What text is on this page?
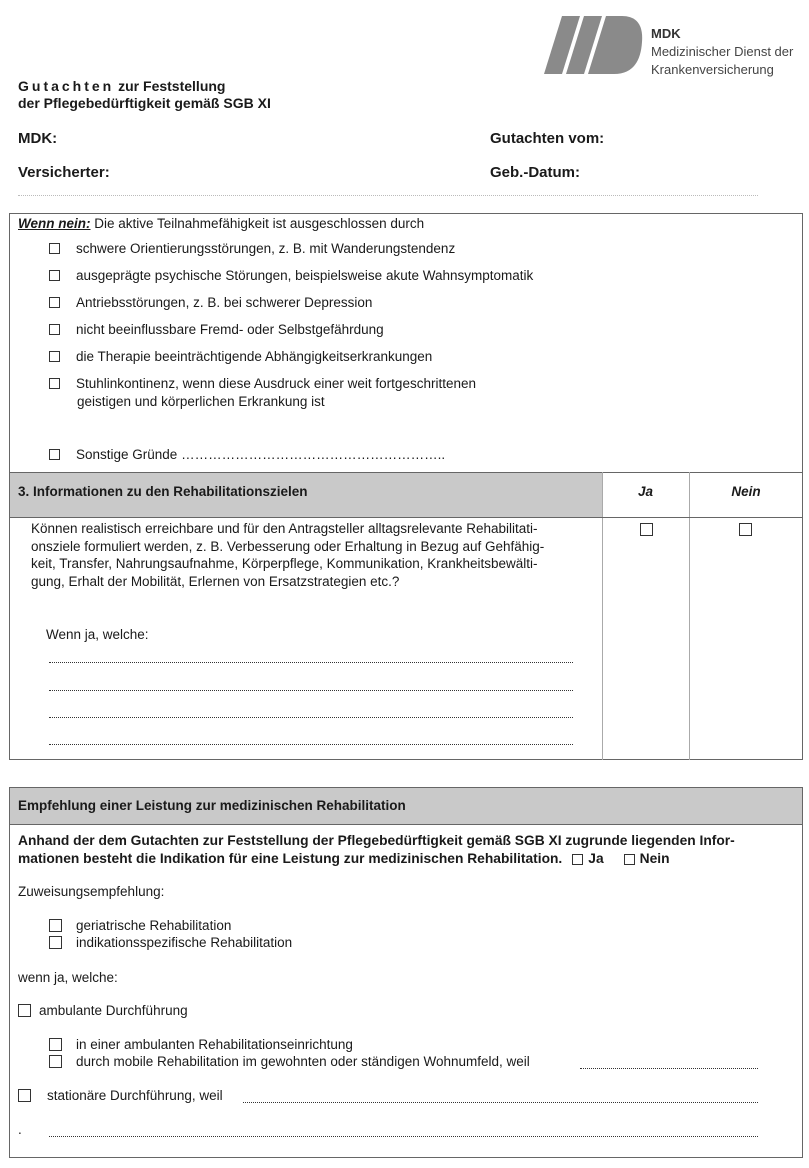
MDK
Medizinischer Dienst der
Krankenversicherung
Gutachten zur Feststellung
der Pflegebedürftigkeit gemäß SGB XI
MDK:	Gutachten vom:
Versicherter:	Geb.-Datum:
Wenn nein: Die aktive Teilnahmefähigkeit ist ausgeschlossen durch
schwere Orientierungsstörungen, z. B. mit Wanderungstendenz
ausgeprägte psychische Störungen, beispielsweise akute Wahnsymptomatik
Antriebsstörungen, z. B. bei schwerer Depression
nicht beeinflussbare Fremd- oder Selbstgefährdung
die Therapie beeinträchtigende Abhängigkeitserkrankungen
Stuhlinkontinenz, wenn diese Ausdruck einer weit fortgeschrittenen
geistigen und körperlichen Erkrankung ist
Sonstige Gründe …………………………………………………..
3. Informationen zu den Rehabilitationszielen	Ja	Nein
Können realistisch erreichbare und für den Antragsteller alltagsrelevante Rehabilitati-
onsziele formuliert werden, z. B. Verbesserung oder Erhaltung in Bezug auf Gehfähig-
keit, Transfer, Nahrungsaufnahme, Körperpflege, Kommunikation, Krankheitsbewälti-
gung, Erhalt der Mobilität, Erlernen von Ersatzstrategien etc.?
Wenn ja, welche:
Empfehlung einer Leistung zur medizinischen Rehabilitation
Anhand der dem Gutachten zur Feststellung der Pflegebedürftigkeit gemäß SGB XI zugrunde liegenden Infor-
mationen besteht die Indikation für eine Leistung zur medizinischen Rehabilitation. Ja	Nein
Zuweisungsempfehlung:
geriatrische Rehabilitation
indikationsspezifische Rehabilitation
wenn ja, welche:
ambulante Durchführung
in einer ambulanten Rehabilitationseinrichtung
durch mobile Rehabilitation im gewohnten oder ständigen Wohnumfeld, weil
stationäre Durchführung, weil
.
